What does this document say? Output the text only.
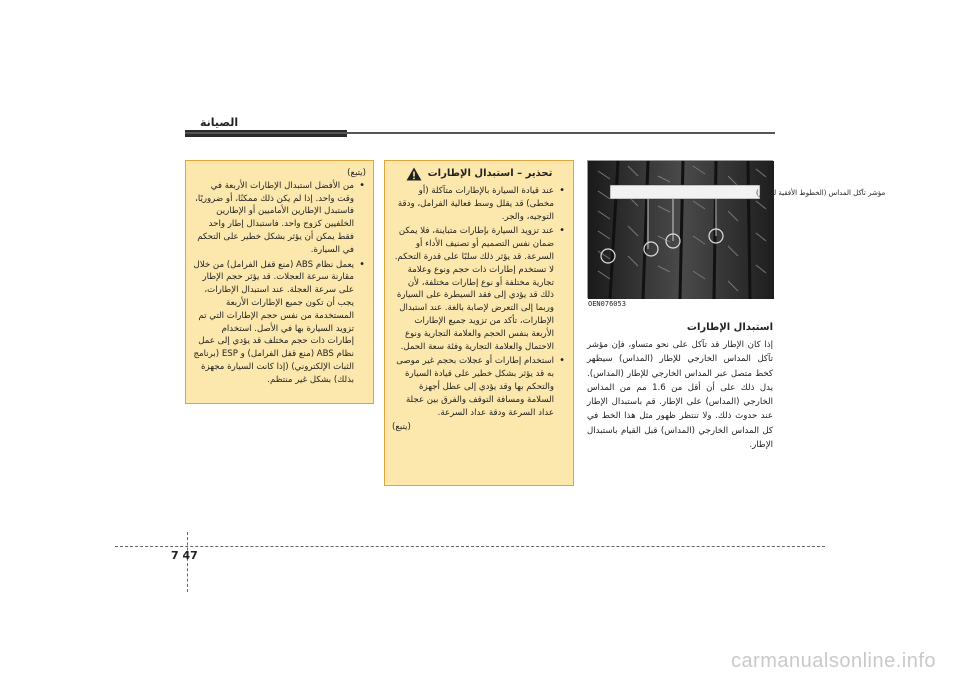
الصيانة

(يتبع)

• من الأفضل استبدال الإطارات الأربعة في وقت واحد. إذا لم يكن ذلك ممكنًا، أو ضروريًا، فاستبدل الإطارين الأماميين أو الإطارين الخلفيين كزوج واحد. فاستبدال إطار واحد فقط يمكن أن يؤثر بشكل خطير على التحكم في السيارة.
• يعمل نظام ABS (منع قفل الفرامل) من خلال مقارنة سرعة العجلات. قد يؤثر حجم الإطار على سرعة العجلة. عند استبدال الإطارات، يجب أن تكون جميع الإطارات الأربعة المستخدمة من نفس حجم الإطارات التي تم تزويد السيارة بها في الأصل. استخدام إطارات ذات حجم مختلف قد يؤدي إلى عمل نظام ABS (منع قفل الفرامل) و ESP (برنامج الثبات الإلكتروني) (إذا كانت السيارة مجهزة بذلك) بشكل غير منتظم.
تحذير – استبدال الإطارات
• عند قيادة السيارة بالإطارات متآكلة (أو مخطى) قد يقلل وسط فعالية الفرامل، ودقة التوجيه، والجر.
• عند تزويد السيارة بإطارات متباينة، فلا يمكن ضمان نفس التصميم أو تصنيف الأداء أو السرعة. قد يؤثر ذلك سلبًا على قدرة التحكم. لا تستخدم إطارات ذات حجم ونوع وعلامة تجارية مختلفة أو نوع إطارات مختلفة، لأن ذلك قد يؤدي إلى فقد السيطرة على السيارة وربما إلى التعرض لإصابة بالغة. عند استبدال الإطارات، تأكد من تزويد جميع الإطارات الأربعة بنفس الحجم والعلامة التجارية ونوع الاحتمال والعلامة التجارية وفئة سعة الحمل.
• استخدام إطارات أو عجلات بحجم غير موصى به قد يؤثر بشكل خطير على قيادة السيارة والتحكم بها وقد يؤدي إلى عطل أجهزة السلامة ومسافة التوقف والفرق بين عجلة عداد السرعة ودقة عداد السرعة.

(يتبع)

مؤشر تآكل المداس (الخطوط الأفقية للإطار)
OEN076053
استبدال الإطارات
إذا كان الإطار قد تآكل على نحو متساو، فإن مؤشر تآكل المداس الخارجي للإطار (المداس) سيظهر كخط متصل عبر المداس الخارجي للإطار (المداس). يدل ذلك على أن أقل من 1.6 مم من المداس الخارجي (المداس) على الإطار. قم باستبدال الإطار عند حدوث ذلك. ولا تنتظر ظهور مثل هذا الخط في كل المداس الخارجي (المداس) قبل القيام باستبدال الإطار.
7 47
carmanualsonline.info
